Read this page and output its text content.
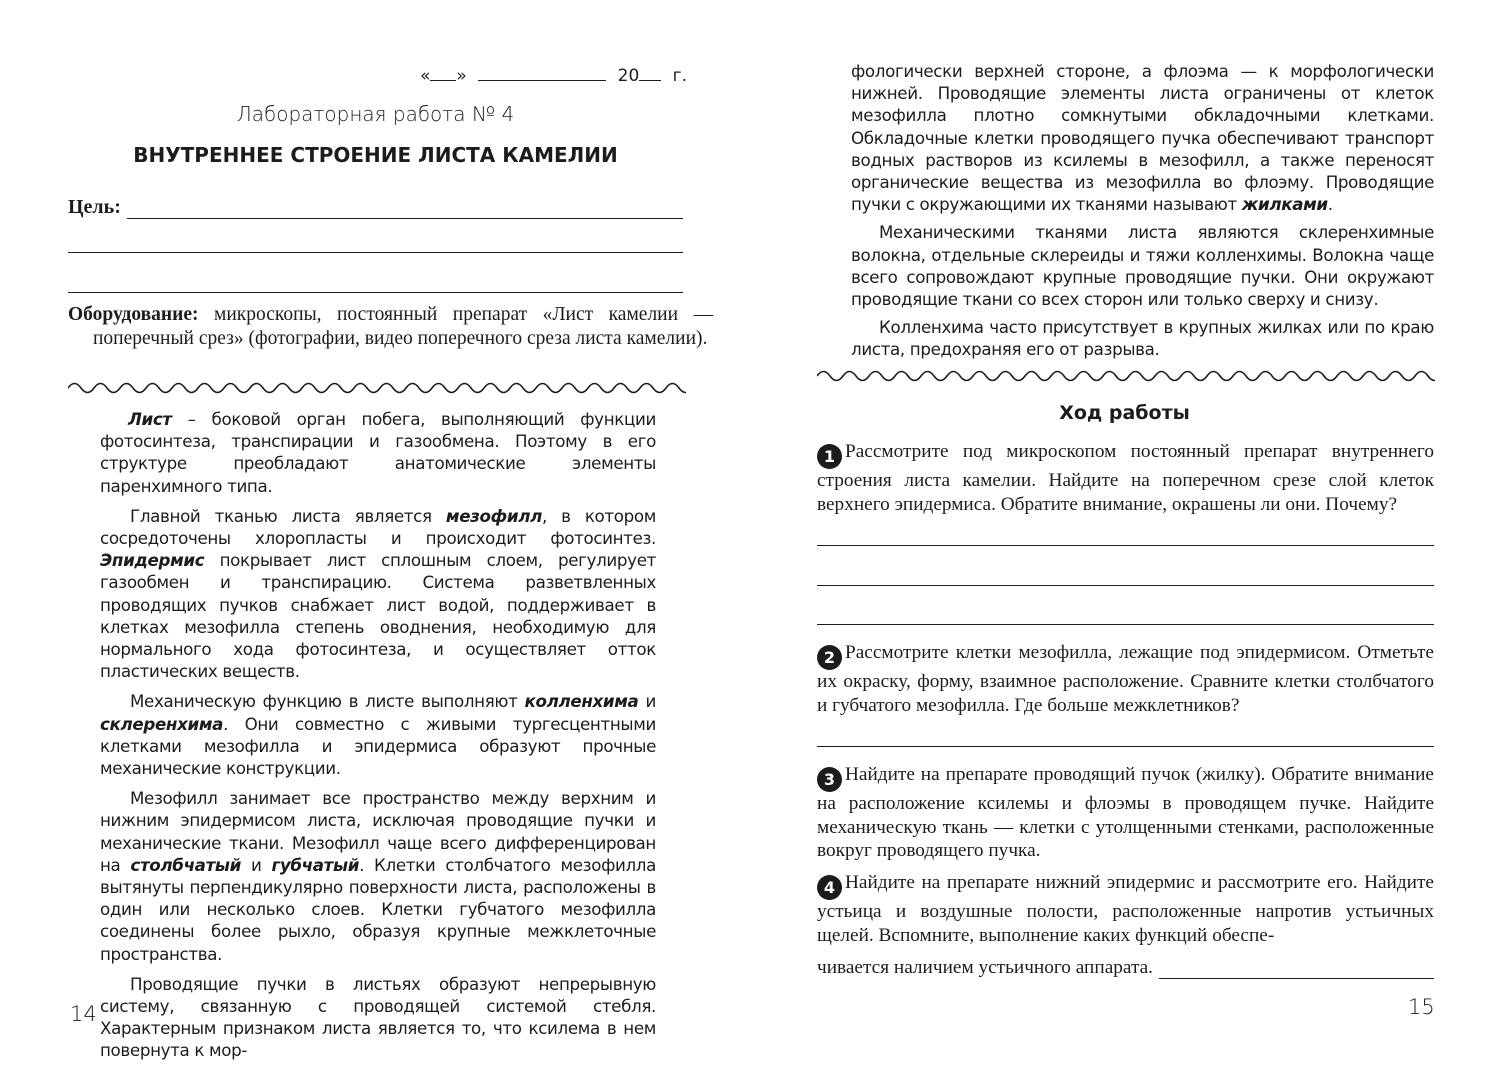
« »	20 г.
Лабораторная работа № 4
ВНУТРЕННЕЕ СТРОЕНИЕ ЛИСТА КАМЕЛИИ
Цель:
Оборудование: микроскопы, постоянный препарат «Лист камелии — поперечный срез» (фотографии, видео поперечного среза листа камелии).

Лист – боковой орган побега, выполняющий функции фотосинтеза, транспирации и газообмена. Поэтому в его структуре преобладают анатомические элементы паренхимного типа.

Главной тканью листа является мезофилл, в котором сосредоточены хлоропласты и происходит фотосинтез. Эпидермис покрывает лист сплошным слоем, регулирует газообмен и транспирацию. Система разветвленных проводящих пучков снабжает лист водой, поддерживает в клетках мезофилла степень оводнения, необходимую для нормального хода фотосинтеза, и осуществляет отток пластических веществ.

Механическую функцию в листе выполняют колленхима и склеренхима. Они совместно с живыми тургесцентными клетками мезофилла и эпидермиса образуют прочные механические конструкции.

Мезофилл занимает все пространство между верхним и нижним эпидермисом листа, исключая проводящие пучки и механические ткани. Мезофилл чаще всего дифференцирован на столбчатый и губчатый. Клетки столбчатого мезофилла вытянуты перпендикулярно поверхности листа, расположены в один или несколько слоев. Клетки губчатого мезофилла соединены более рыхло, образуя крупные межклеточные пространства.

Проводящие пучки в листьях образуют непрерывную систему, связанную с проводящей системой стебля. Характерным признаком листа является то, что ксилема в нем повернута к мор-

14

фологически верхней стороне, а флоэма — к морфологически нижней. Проводящие элементы листа ограничены от клеток мезофилла плотно сомкнутыми обкладочными клетками. Обкладочные клетки проводящего пучка обеспечивают транспорт водных растворов из ксилемы в мезофилл, а также переносят органические вещества из мезофилла во флоэму. Проводящие пучки с окружающими их тканями называют жилками.

Механическими тканями листа являются склеренхимные волокна, отдельные склереиды и тяжи колленхимы. Волокна чаще всего сопровождают крупные проводящие пучки. Они окружают проводящие ткани со всех сторон или только сверху и снизу.

Колленхима часто присутствует в крупных жилках или по краю листа, предохраняя его от разрыва.

Ход работы
1 Рассмотрите под микроскопом постоянный препарат внутреннего строения листа камелии. Найдите на поперечном срезе слой клеток верхнего эпидермиса. Обратите внимание, окрашены ли они. Почему?
2 Рассмотрите клетки мезофилла, лежащие под эпидермисом. Отметьте их окраску, форму, взаимное расположение. Сравните клетки столбчатого и губчатого мезофилла. Где больше межклетников?
3 Найдите на препарате проводящий пучок (жилку). Обратите внимание на расположение ксилемы и флоэмы в проводящем пучке. Найдите механическую ткань — клетки с утолщенными стенками, расположенные вокруг проводящего пучка.
4 Найдите на препарате нижний эпидермис и рассмотрите его. Найдите устьица и воздушные полости, расположенные напротив устьичных щелей. Вспомните, выполнение каких функций обеспе-
чивается наличием устьичного аппарата.
15
